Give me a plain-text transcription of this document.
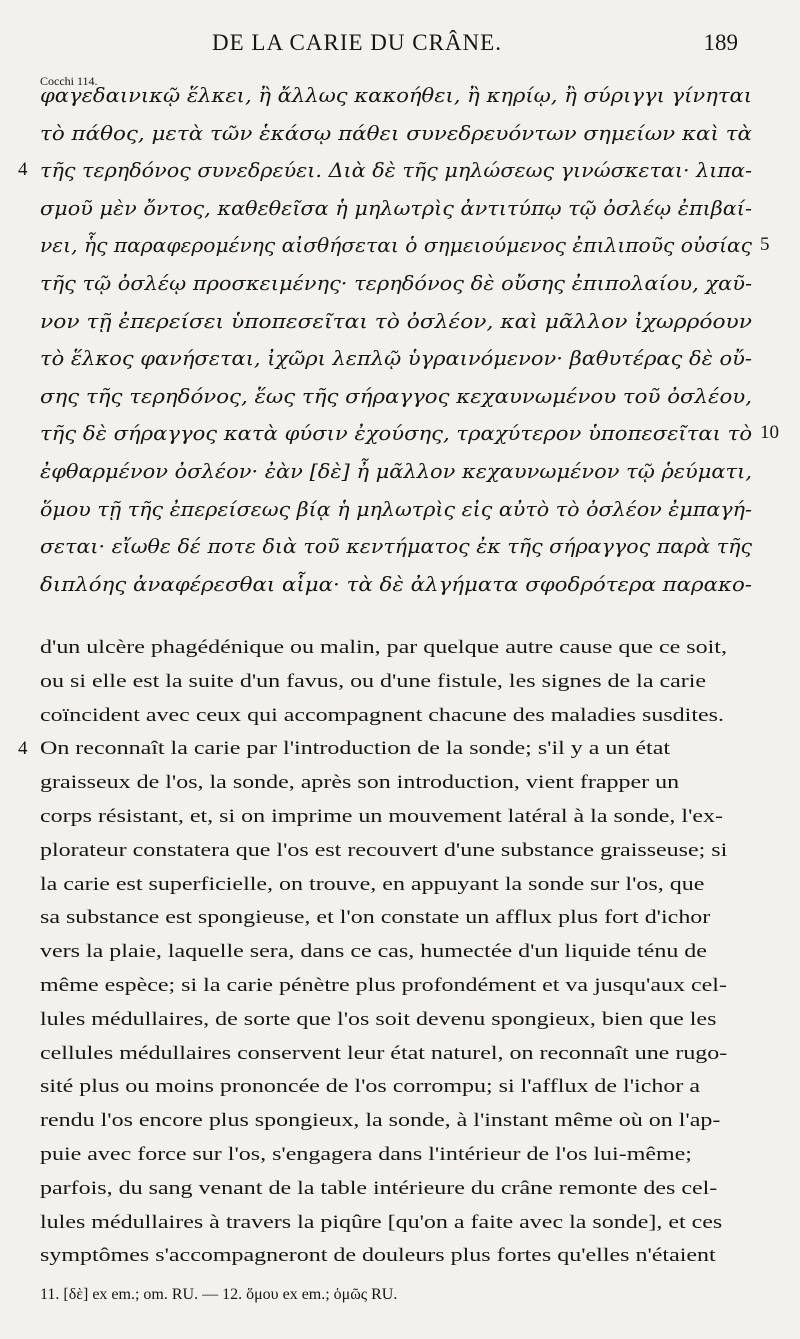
DE LA CARIE DU CRÂNE.	189
Cocchi 114.
φαγεδαινικῷ ἕλκει, ἢ ἄλλως κακοήθει, ἢ κηρίῳ, ἢ σύριγγι γίνηται
τὸ πάθος, μετὰ τῶν ἑκάσῳ πάθει συνεδρευόντων σημείων καὶ τὰ
τῆς τερηδόνος συνεδρεύει. Διὰ δὲ τῆς μηλώσεως γινώσκεται· λιπα-
σμοῦ μὲν ὄντος, καθεθεῖσα ἡ μηλωτρὶς ἀντιτύπῳ τῷ ὀσλέῳ ἐπιβαί-
νει, ἧς παραφερομένης αἰσθήσεται ὁ σημειούμενος ἐπιλιποῦς οὐσίας
τῆς τῷ ὀσλέῳ προσκειμένης· τερηδόνος δὲ οὔσης ἐπιπολαίου, χαῦ-
νον τῇ ἐπερείσει ὑποπεσεῖται τὸ ὀσλέον, καὶ μᾶλλον ἰχωρρόουν
τὸ ἕλκος φανήσεται, ἰχῶρι λεπλῷ ὑγραινόμενον· βαθυτέρας δὲ οὔ-
σης τῆς τερηδόνος, ἕως τῆς σήραγγος κεχαυνωμένου τοῦ ὀσλέου,
τῆς δὲ σήραγγος κατὰ φύσιν ἐχούσης, τραχύτερον ὑποπεσεῖται τὸ
ἐφθαρμένον ὀσλέον· ἐὰν [δὲ] ἦ μᾶλλον κεχαυνωμένον τῷ ῥεύματι,
ὅμου τῇ τῆς ἐπερείσεως βίᾳ ἡ μηλωτρὶς εἰς αὐτὸ τὸ ὀσλέον ἐμπαγή-
σεται· εἴωθε δέ ποτε διὰ τοῦ κεντήματος ἐκ τῆς σήραγγος παρὰ τῆς
διπλόης ἀναφέρεσθαι αἷμα· τὰ δὲ ἀλγήματα σφοδρότερα παρακο-
d'un ulcère phagédénique ou malin, par quelque autre cause que ce soit,
ou si elle est la suite d'un favus, ou d'une fistule, les signes de la carie
coïncident avec ceux qui accompagnent chacune des maladies susdites.
On reconnaît la carie par l'introduction de la sonde; s'il y a un état
graisseux de l'os, la sonde, après son introduction, vient frapper un
corps résistant, et, si on imprime un mouvement latéral à la sonde, l'ex-
plorateur constatera que l'os est recouvert d'une substance graisseuse; si
la carie est superficielle, on trouve, en appuyant la sonde sur l'os, que
sa substance est spongieuse, et l'on constate un afflux plus fort d'ichor
vers la plaie, laquelle sera, dans ce cas, humectée d'un liquide ténu de
même espèce; si la carie pénètre plus profondément et va jusqu'aux cel-
lules médullaires, de sorte que l'os soit devenu spongieux, bien que les
cellules médullaires conservent leur état naturel, on reconnaît une rugo-
sité plus ou moins prononcée de l'os corrompu; si l'afflux de l'ichor a
rendu l'os encore plus spongieux, la sonde, à l'instant même où on l'ap-
puie avec force sur l'os, s'engagera dans l'intérieur de l'os lui-même;
parfois, du sang venant de la table intérieure du crâne remonte des cel-
lules médullaires à travers la piqûre [qu'on a faite avec la sonde], et ces
symptômes s'accompagneront de douleurs plus fortes qu'elles n'étaient
11. [δὲ] ex em.; om. RU. — 12. ὅμου ex em.; ὁμῶς RU.
4
5
10
4
